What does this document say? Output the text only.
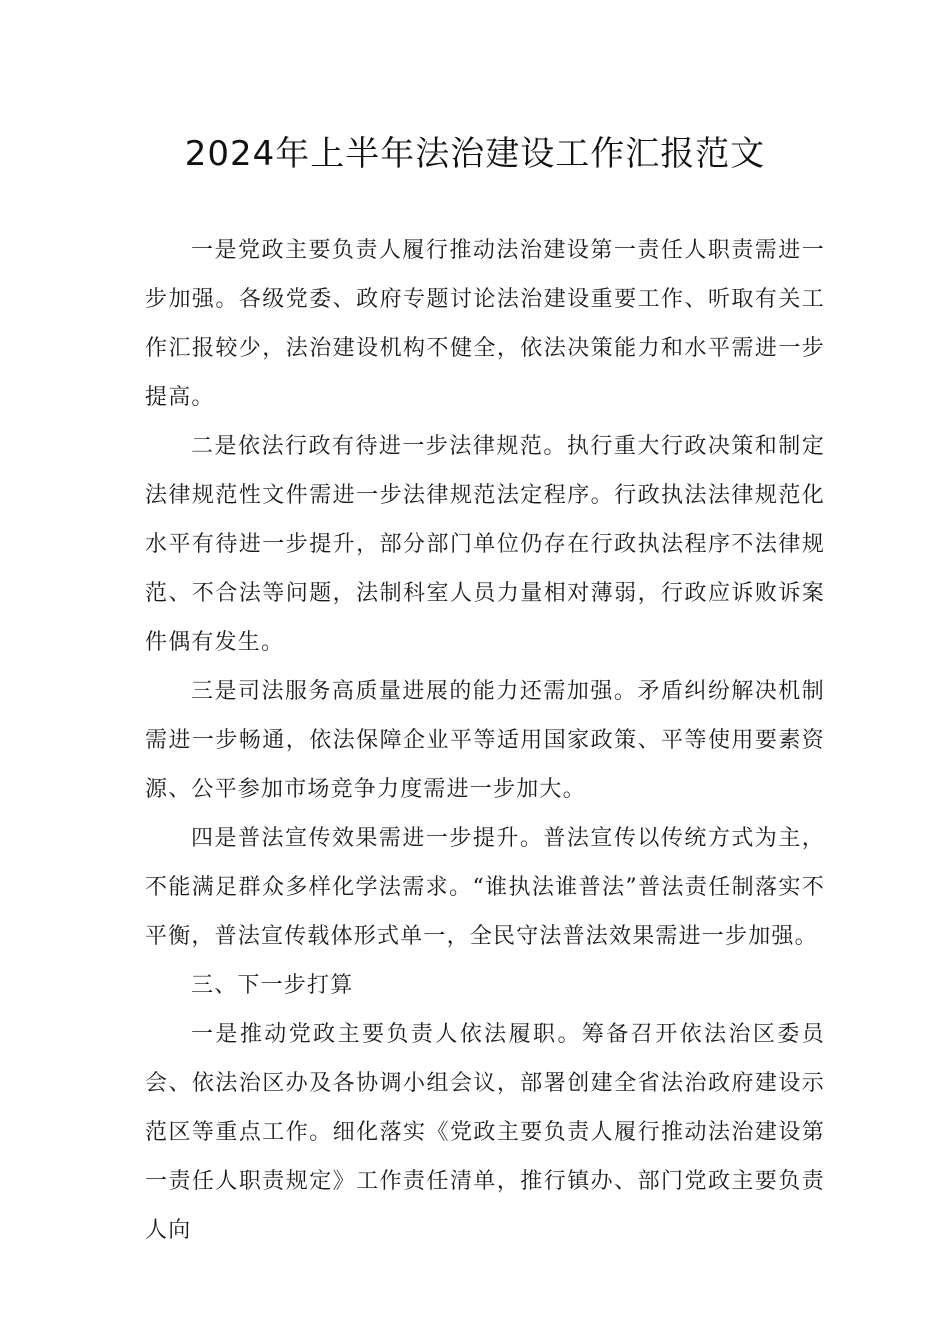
2024年上半年法治建设工作汇报范文

一是党政主要负责人履行推动法治建设第一责任人职责需进一步加强。各级党委、政府专题讨论法治建设重要工作、听取有关工作汇报较少，法治建设机构不健全，依法决策能力和水平需进一步提高。

二是依法行政有待进一步法律规范。执行重大行政决策和制定法律规范性文件需进一步法律规范法定程序。行政执法法律规范化水平有待进一步提升，部分部门单位仍存在行政执法程序不法律规范、不合法等问题，法制科室人员力量相对薄弱，行政应诉败诉案件偶有发生。

三是司法服务高质量进展的能力还需加强。矛盾纠纷解决机制需进一步畅通，依法保障企业平等适用国家政策、平等使用要素资源、公平参加市场竞争力度需进一步加大。

四是普法宣传效果需进一步提升。普法宣传以传统方式为主，不能满足群众多样化学法需求。“谁执法谁普法”普法责任制落实不平衡，普法宣传载体形式单一，全民守法普法效果需进一步加强。

三、下一步打算

一是推动党政主要负责人依法履职。筹备召开依法治区委员会、依法治区办及各协调小组会议，部署创建全省法治政府建设示范区等重点工作。细化落实《党政主要负责人履行推动法治建设第一责任人职责规定》工作责任清单，推行镇办、部门党政主要负责人向
